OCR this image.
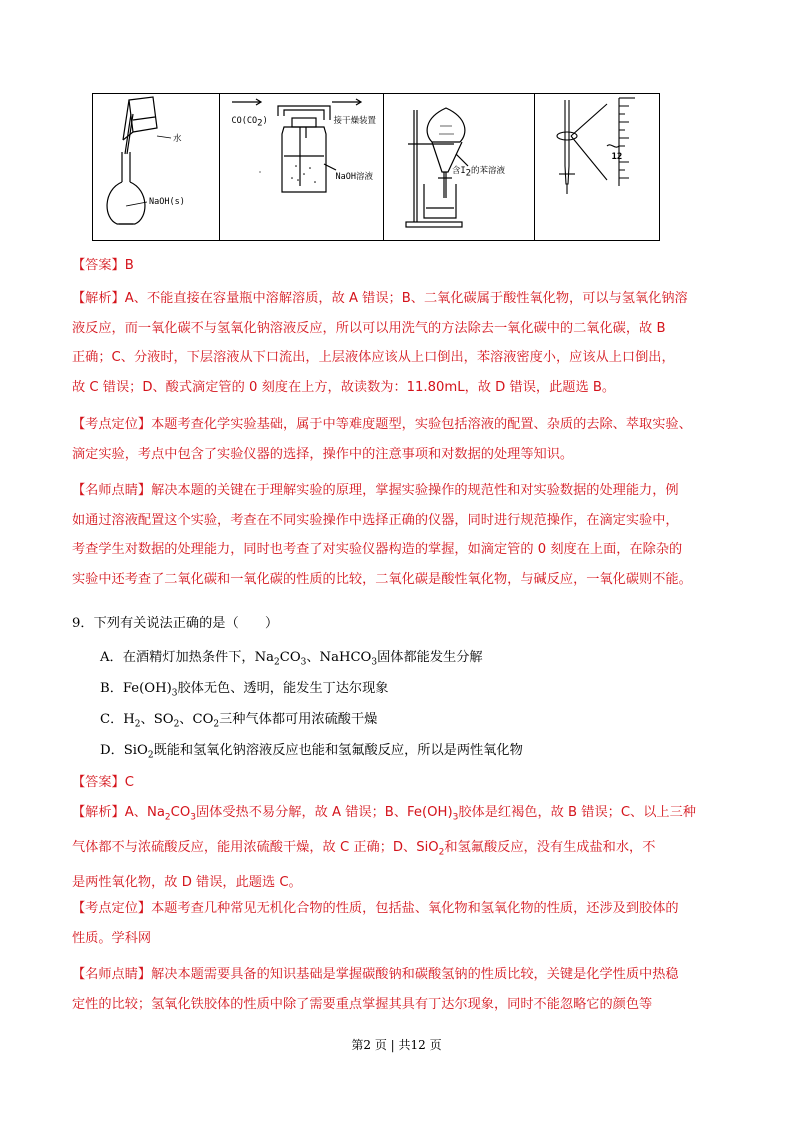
水
NaOH(s)
$CO(CO_2)$	接干燥装置
NaOH溶液
含$I_2$的苯溶液
12
【答案】B
【解析】A、不能直接在容量瓶中溶解溶质，故 A 错误；B、二氧化碳属于酸性氧化物，可以与氢氧化钠溶
液反应，而一氧化碳不与氢氧化钠溶液反应，所以可以用洗气的方法除去一氧化碳中的二氧化碳，故 B
正确；C、分液时，下层溶液从下口流出，上层液体应该从上口倒出，苯溶液密度小，应该从上口倒出，
故 C 错误；D、酸式滴定管的 0 刻度在上方，故读数为：11.80mL，故 D 错误，此题选 B。
【考点定位】本题考查化学实验基础，属于中等难度题型，实验包括溶液的配置、杂质的去除、萃取实验、
滴定实验，考点中包含了实验仪器的选择，操作中的注意事项和对数据的处理等知识。
【名师点睛】解决本题的关键在于理解实验的原理，掌握实验操作的规范性和对实验数据的处理能力，例
如通过溶液配置这个实验，考查在不同实验操作中选择正确的仪器，同时进行规范操作，在滴定实验中，
考查学生对数据的处理能力，同时也考查了对实验仪器构造的掌握，如滴定管的 0 刻度在上面，在除杂的
实验中还考查了二氧化碳和一氧化碳的性质的比较，二氧化碳是酸性氧化物，与碱反应，一氧化碳则不能。
9．下列有关说法正确的是（　　）
A．在酒精灯加热条件下，$Na_2CO_3$、NaHCO$_3$固体都能发生分解
B．$Fe(OH)_3$胶体无色、透明，能发生丁达尔现象
C．$H_2$、$SO_2$、$CO_2$三种气体都可用浓硫酸干燥
D．SiO$_2$既能和氢氧化钠溶液反应也能和氢氟酸反应，所以是两性氧化物
【答案】C
【解析】A、$Na_2CO_3$固体受热不易分解，故 A 错误；B、$Fe(OH)_3$胶体是红褐色，故 B 错误；C、以上三种
气体都不与浓硫酸反应，能用浓硫酸干燥，故 C 正确；D、SiO$_2$和氢氟酸反应，没有生成盐和水，不
是两性氧化物，故 D 错误，此题选 C。
【考点定位】本题考查几种常见无机化合物的性质，包括盐、氧化物和氢氧化物的性质，还涉及到胶体的
性质。学科网
【名师点睛】解决本题需要具备的知识基础是掌握碳酸钠和碳酸氢钠的性质比较，关键是化学性质中热稳
定性的比较；氢氧化铁胶体的性质中除了需要重点掌握其具有丁达尔现象，同时不能忽略它的颜色等
第2 页 | 共12 页
